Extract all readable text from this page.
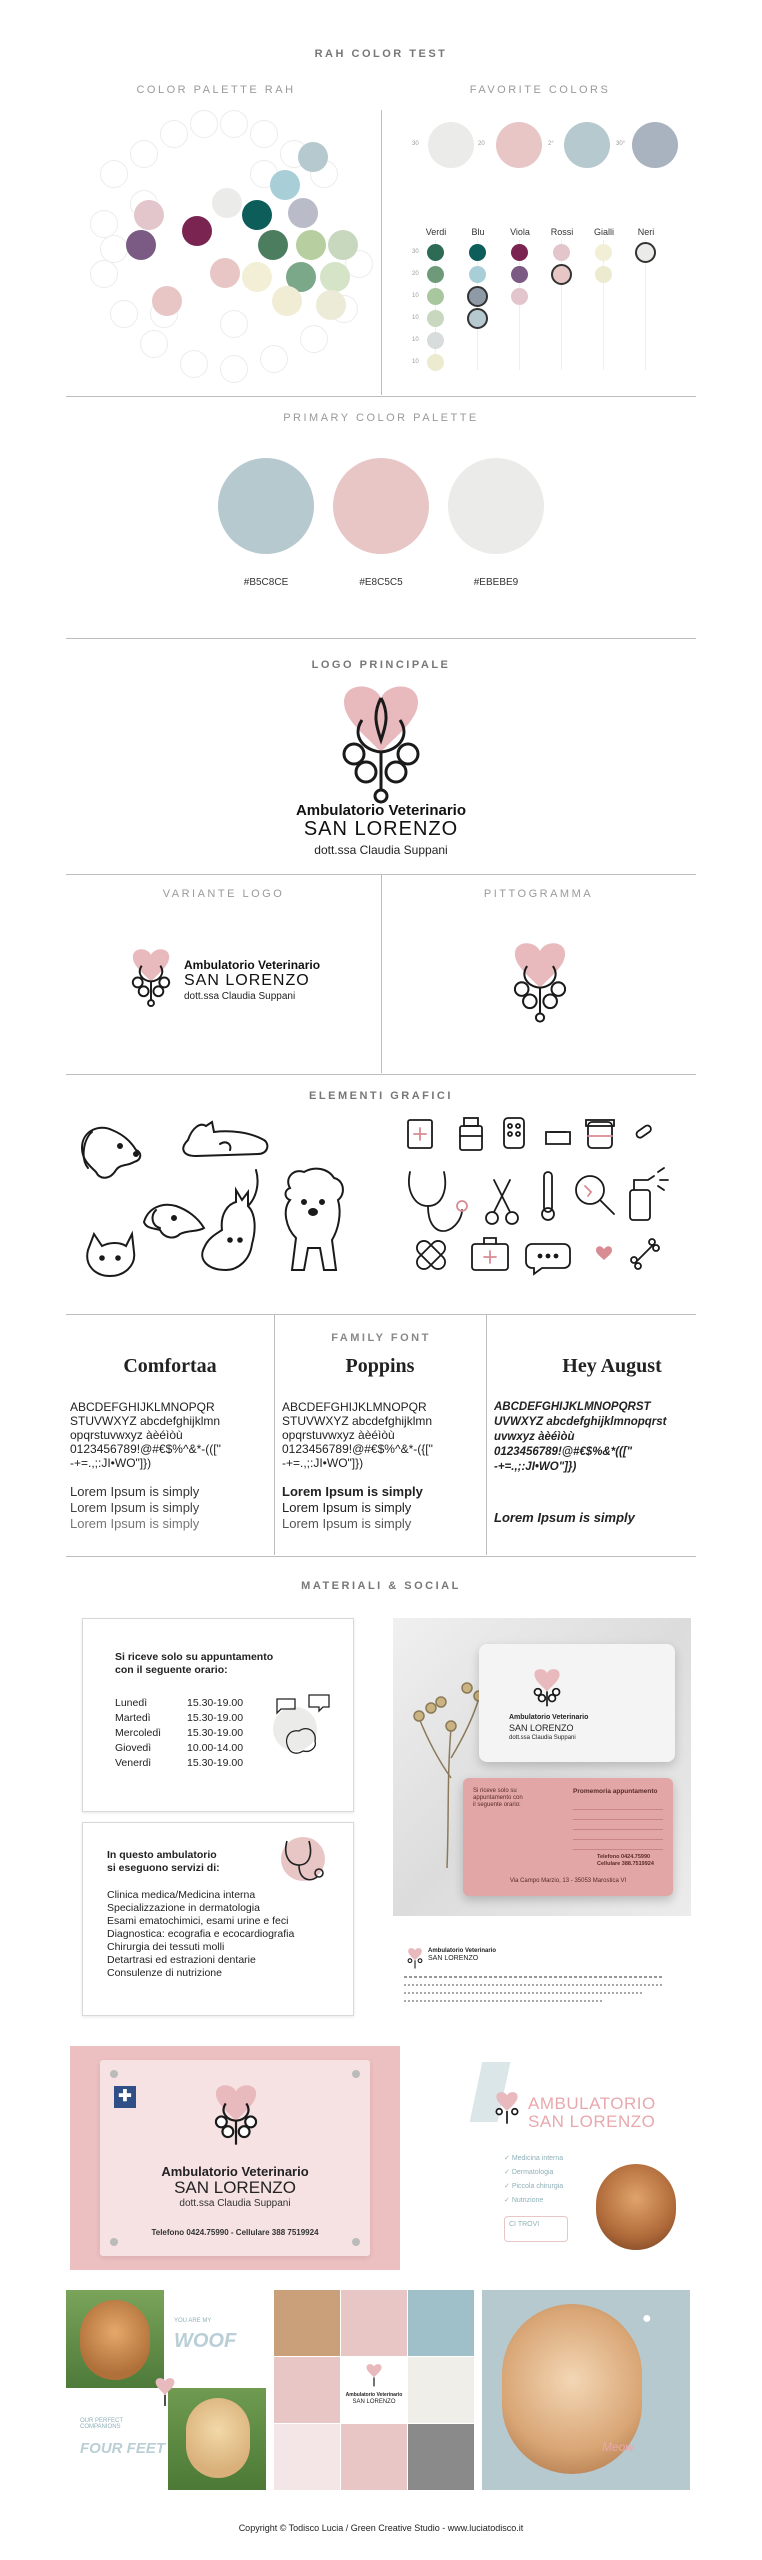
RAH COLOR TEST
COLOR PALETTE RAH	FAVORITE COLORS
30	20	2°	30°
Verdi	Blu	Viola	Rossi	Gialli	Neri
30
20
10
10
10
10
PRIMARY COLOR PALETTE
#B5C8CE	#E8C5C5	#EBEBE9
LOGO PRINCIPALE
Ambulatorio Veterinario
SAN LORENZO
dott.ssa Claudia Suppani
VARIANTE LOGO	PITTOGRAMMA
Ambulatorio Veterinario
SAN LORENZO
dott.ssa Claudia Suppani
ELEMENTI GRAFICI
FAMILY FONT
Comfortaa
ABCDEFGHIJKLMNOPQR
STUVWXYZ abcdefghijklmn
opqrstuvwxyz àèéìòù
0123456789!@#€$%^&*-((["
-+=.,;:JI•WO"]})
Lorem Ipsum is simply
Lorem Ipsum is simply
Lorem Ipsum is simply
Poppins
ABCDEFGHIJKLMNOPQR
STUVWXYZ abcdefghijklmn
opqrstuvwxyz àèéìòù
0123456789!@#€$%^&*-({["
-+=.,;:JI•WO"]})
Lorem Ipsum is simply
Lorem Ipsum is simply
Lorem Ipsum is simply
Hey August
ABCDEFGHIJKLMNOPQRST
UVWXYZ abcdefghijklmnopqrst
uvwxyz àèéìòù
0123456789!@#€$%&*((["
-+=.,;:JI•WO"]})
Lorem Ipsum is simply
MATERIALI & SOCIAL
Si riceve solo su appuntamento
con il seguente orario:
Lunedì	15.30-19.00
Martedì	15.30-19.00
Mercoledì	15.30-19.00
Giovedì	10.00-14.00
Venerdì	15.30-19.00
In questo ambulatorio
si eseguono servizi di:
Clinica medica/Medicina interna
Specializzazione in dermatologia
Esami ematochimici, esami urine e feci
Diagnostica: ecografia e ecocardiografia
Chirurgia dei tessuti molli
Detartrasi ed estrazioni dentarie
Consulenze di nutrizione
Ambulatorio Veterinario
SAN LORENZO
dott.ssa Claudia Suppani
Si riceve solo su
appuntamento con
il seguente orario:
Promemoria appuntamento
Telefono 0424.75990
Cellulare 388.7519924
Via Campo Marzio, 13 - 35053 Marostica VI
Ambulatorio Veterinario
SAN LORENZO
✚
Ambulatorio Veterinario
SAN LORENZO
dott.ssa Claudia Suppani
Telefono 0424.75990 - Cellulare 388 7519924
AMBULATORIO
SAN LORENZO
✓ Medicina interna
✓ Dermatologia
✓ Piccola chirurgia
✓ Nutrizione
CI TROVI
YOU ARE MY
WOOF
OUR PERFECT
COMPANIONS
FOUR FEET
Ambulatorio Veterinario
SAN LORENZO
Meow
●
Copyright © Todisco Lucia / Green Creative Studio - www.luciatodisco.it
